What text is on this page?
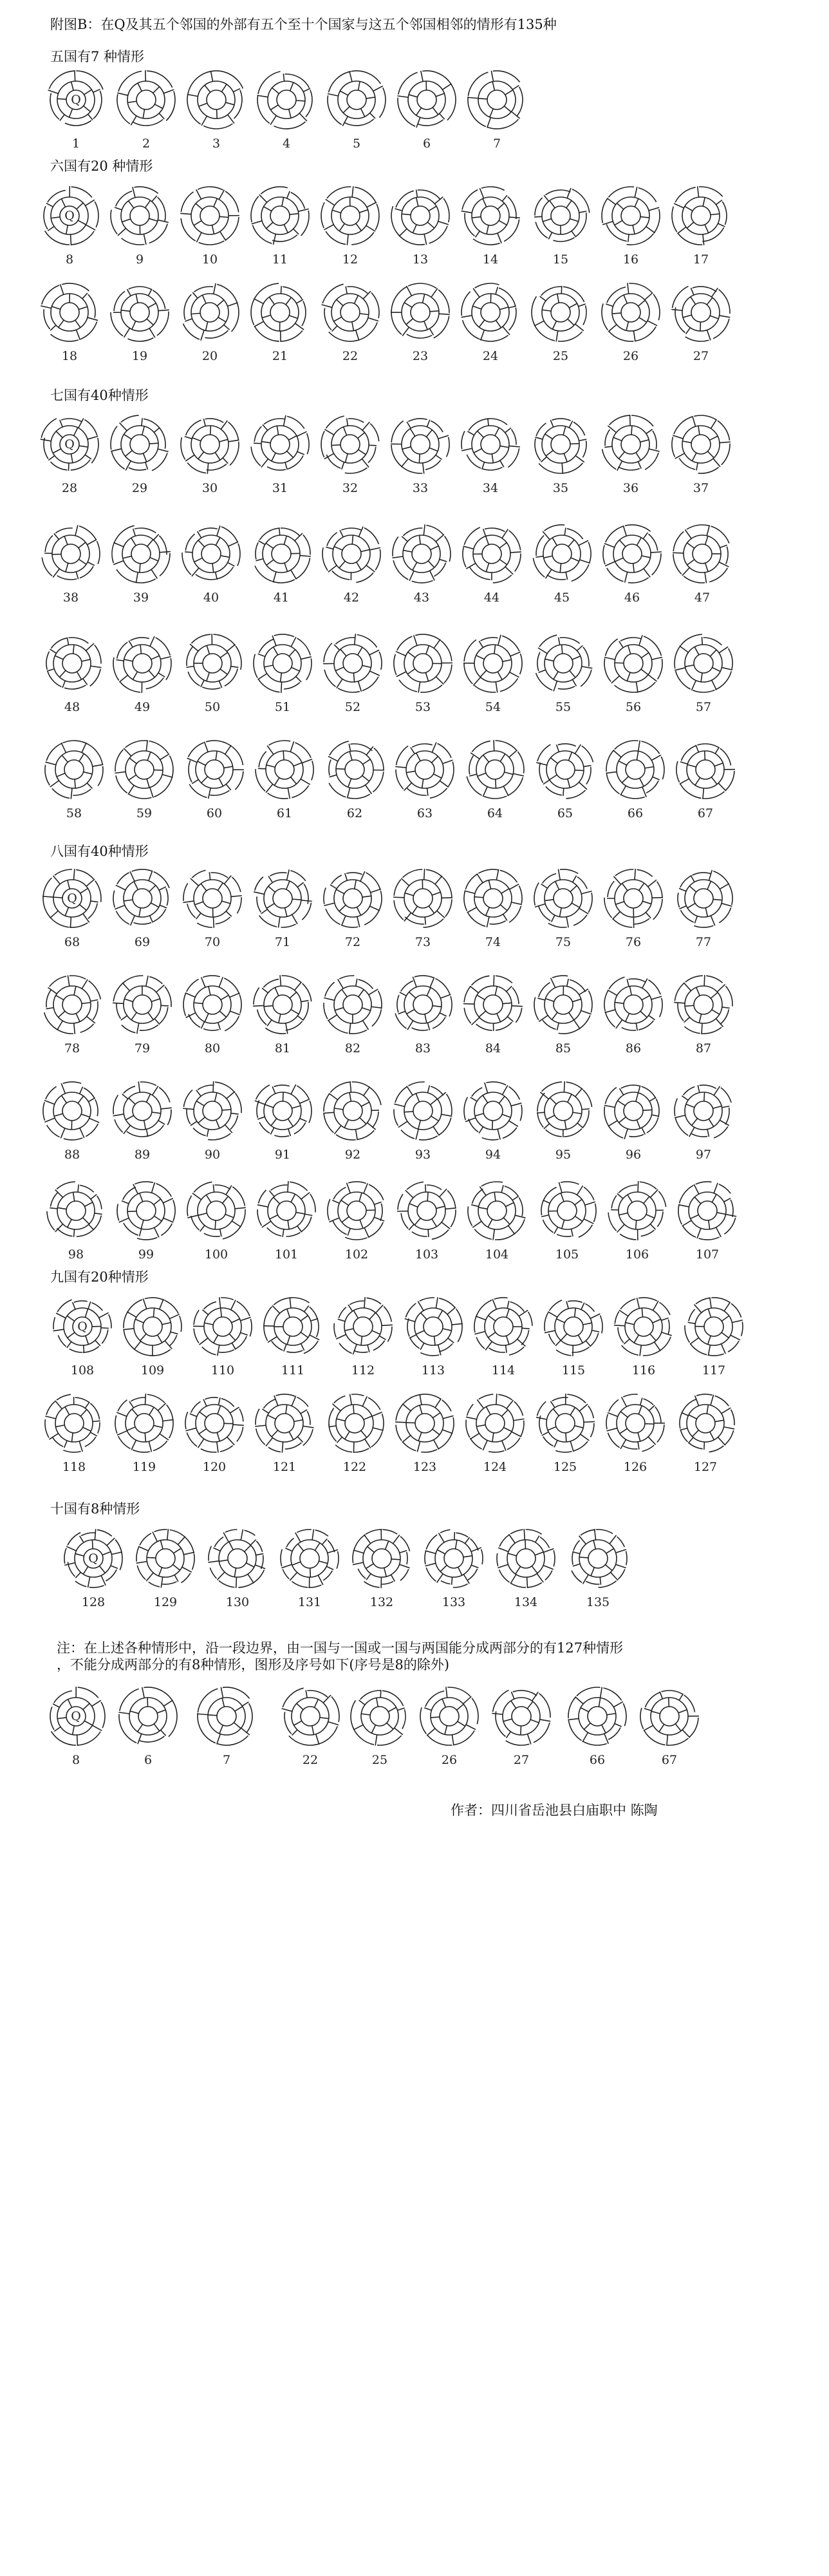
附图B：在Q及其五个邻国的外部有五个至十个国家与这五个邻国相邻的情形有135种
五国有7 种情形
六国有20 种情形
七国有40种情形
八国有40种情形
九国有20种情形
十国有8种情形
注：在上述各种情形中，沿一段边界，由一国与一国或一国与两国能分成两部分的有127种情形
，不能分成两部分的有8种情形，图形及序号如下(序号是8的除外)
作者：四川省岳池县白庙职中 陈陶
Q
1	2	3	4	5	6	7
Q
8	9	10	11	12	13	14	15	16	17
18	19	20	21	22	23	24	25	26	27
Q
28	29	30	31	32	33	34	35	36	37
38	39	40	41	42	43	44	45	46	47
48	49	50	51	52	53	54	55	56	57
58	59	60	61	62	63	64	65	66	67
Q
68	69	70	71	72	73	74	75	76	77
78	79	80	81	82	83	84	85	86	87
88	89	90	91	92	93	94	95	96	97
98	99	100	101	102	103	104	105	106	107
Q
108	109	110	111	112	113	114	115	116	117
118	119	120	121	122	123	124	125	126	127
Q
128	129	130	131	132	133	134	135
Q
8	6	7	22	25	26	27	66	67
